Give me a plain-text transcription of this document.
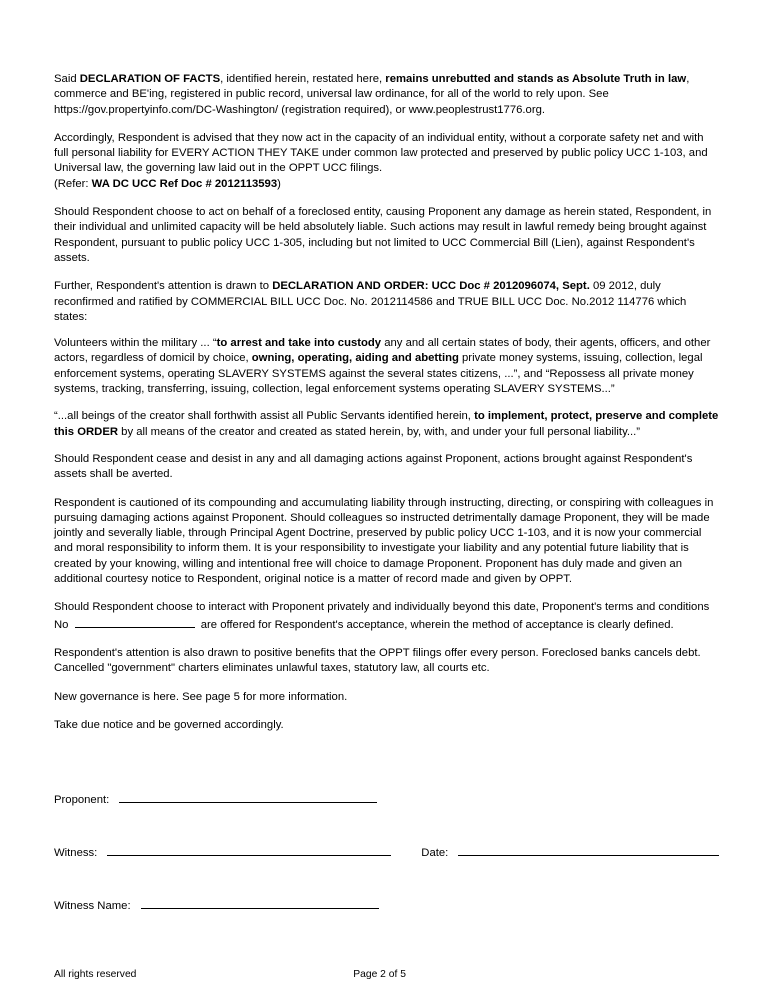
Said DECLARATION OF FACTS, identified herein, restated here, remains unrebutted and stands as Absolute Truth in law, commerce and BE'ing, registered in public record, universal law ordinance, for all of the world to rely upon. See https://gov.propertyinfo.com/DC-Washington/ (registration required), or www.peoplestrust1776.org.

Accordingly, Respondent is advised that they now act in the capacity of an individual entity, without a corporate safety net and with full personal liability for EVERY ACTION THEY TAKE under common law protected and preserved by public policy UCC 1-103, and Universal law, the governing law laid out in the OPPT UCC filings.

(Refer: WA DC UCC Ref Doc # 2012113593)

Should Respondent choose to act on behalf of a foreclosed entity, causing Proponent any damage as herein stated, Respondent, in their individual and unlimited capacity will be held absolutely liable. Such actions may result in lawful remedy being brought against Respondent, pursuant to public policy UCC 1-305, including but not limited to UCC Commercial Bill (Lien), against Respondent's assets.

Further, Respondent's attention is drawn to DECLARATION AND ORDER: UCC Doc # 2012096074, Sept. 09 2012, duly reconfirmed and ratified by COMMERCIAL BILL UCC Doc. No. 2012114586 and TRUE BILL UCC Doc. No.2012 114776 which states:

Volunteers within the military ... “to arrest and take into custody any and all certain states of body, their agents, officers, and other actors, regardless of domicil by choice, owning, operating, aiding and abetting private money systems, issuing, collection, legal enforcement systems, operating SLAVERY SYSTEMS against the several states citizens, ...”, and “Repossess all private money systems, tracking, transferring, issuing, collection, legal enforcement systems operating SLAVERY SYSTEMS...”
“...all beings of the creator shall forthwith assist all Public Servants identified herein, to implement, protect, preserve and complete this ORDER by all means of the creator and created as stated herein, by, with, and under your full personal liability...”

Should Respondent cease and desist in any and all damaging actions against Proponent, actions brought against Respondent's assets shall be averted.

Respondent is cautioned of its compounding and accumulating liability through instructing, directing, or conspiring with colleagues in pursuing damaging actions against Proponent. Should colleagues so instructed detrimentally damage Proponent, they will be made jointly and severally liable, through Principal Agent Doctrine, preserved by public policy UCC 1-103, and it is now your commercial and moral responsibility to inform them. It is your responsibility to investigate your liability and any potential future liability that is created by your knowing, willing and intentional free will choice to damage Proponent. Proponent has duly made and given an additional courtesy notice to Respondent, original notice is a matter of record made and given by OPPT.

Should Respondent choose to interact with Proponent privately and individually beyond this date, Proponent's terms and conditions No	are offered for Respondent's acceptance, wherein the method of acceptance is clearly defined.

Respondent's attention is also drawn to positive benefits that the OPPT filings offer every person. Foreclosed banks cancels debt. Cancelled "government" charters eliminates unlawful taxes, statutory law, all courts etc.

New governance is here. See page 5 for more information.

Take due notice and be governed accordingly.

Proponent:
Witness:	Date:
Witness Name:
All rights reserved	Page 2 of 5
